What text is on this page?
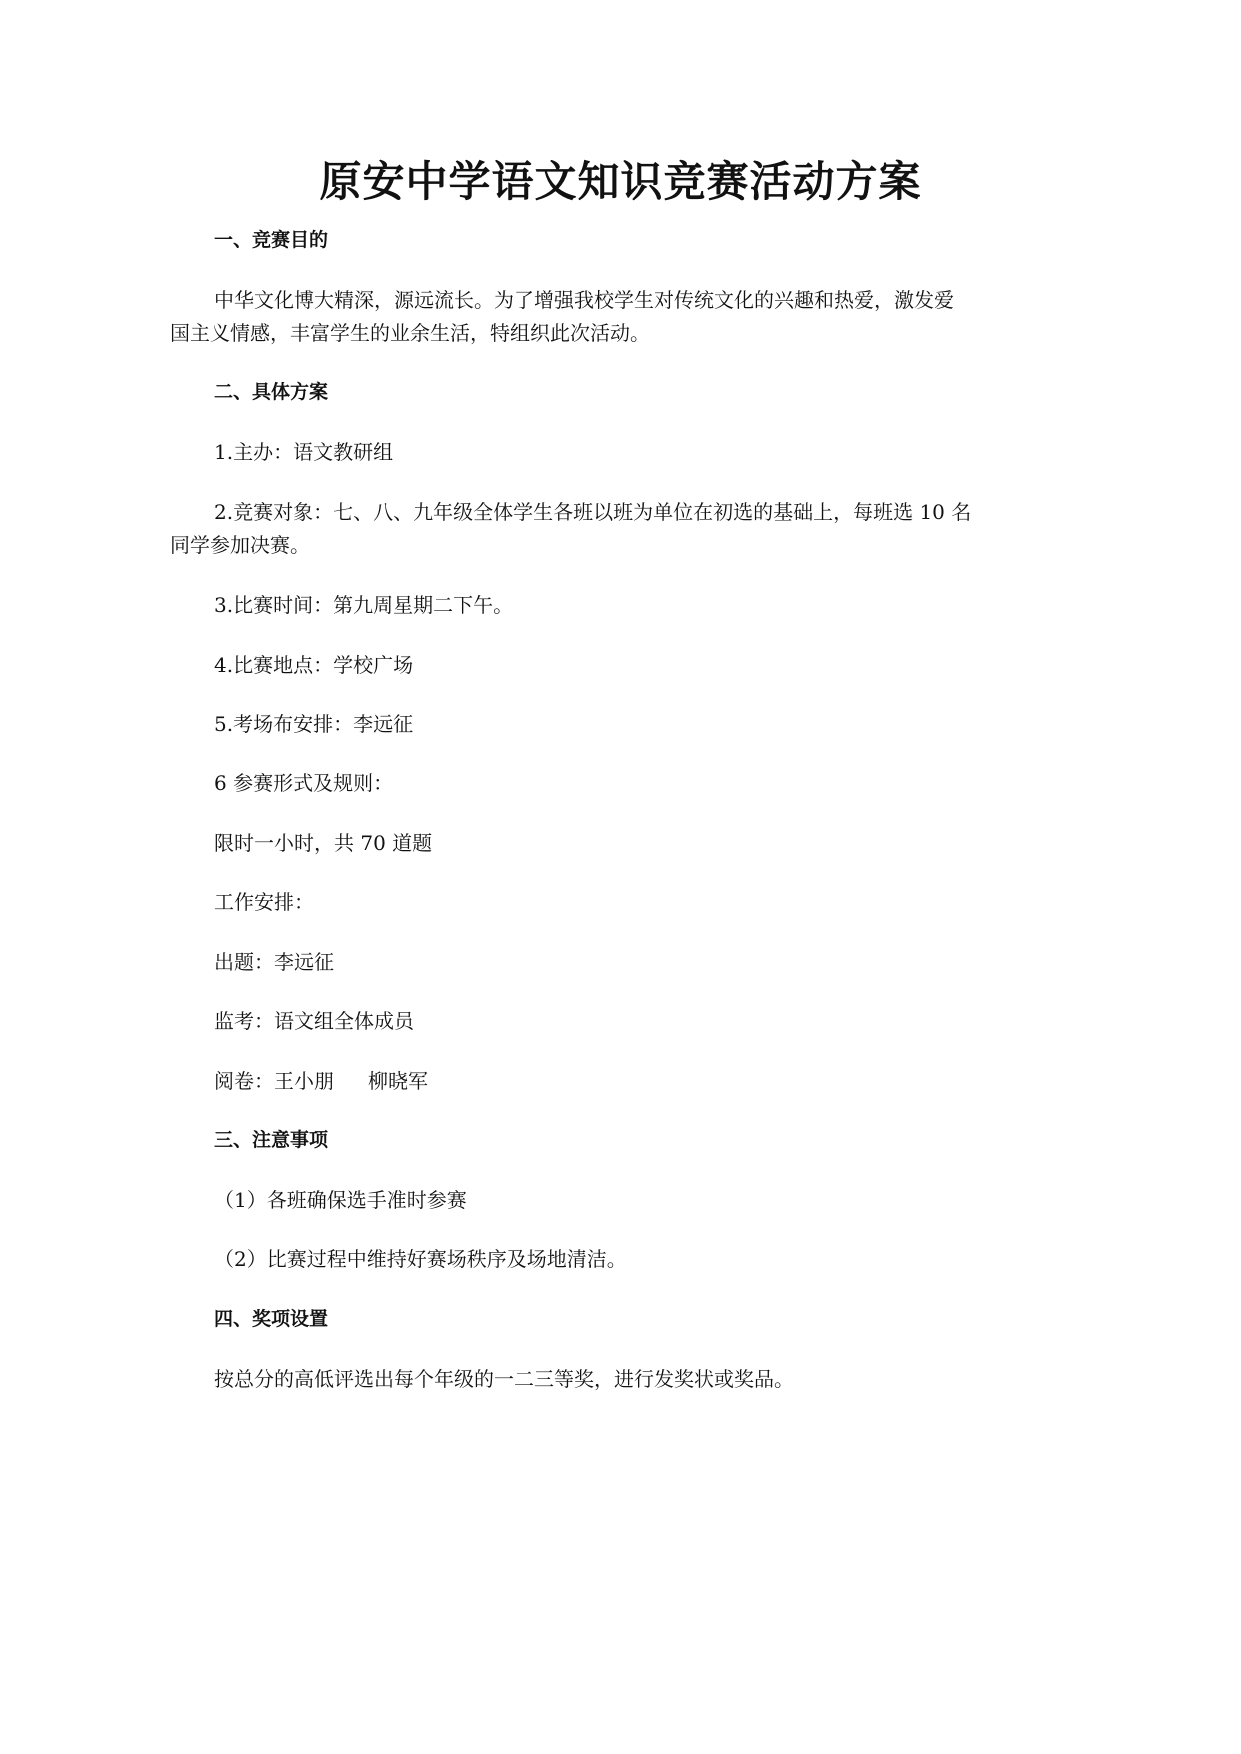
原安中学语文知识竞赛活动方案

一、竞赛目的

中华文化博大精深，源远流长。为了增强我校学生对传统文化的兴趣和热爱，激发爱

国主义情感，丰富学生的业余生活，特组织此次活动。

二、具体方案

1.主办：语文教研组

2.竞赛对象：七、八、九年级全体学生各班以班为单位在初选的基础上，每班选 10 名

同学参加决赛。

3.比赛时间：第九周星期二下午。

4.比赛地点：学校广场

5.考场布安排：李远征

6 参赛形式及规则：

限时一小时，共 70 道题

工作安排：

出题：李远征

监考：语文组全体成员

阅卷：王小朋 柳晓军

三、注意事项

（1）各班确保选手准时参赛

（2）比赛过程中维持好赛场秩序及场地清洁。

四、奖项设置

按总分的高低评选出每个年级的一二三等奖，进行发奖状或奖品。
